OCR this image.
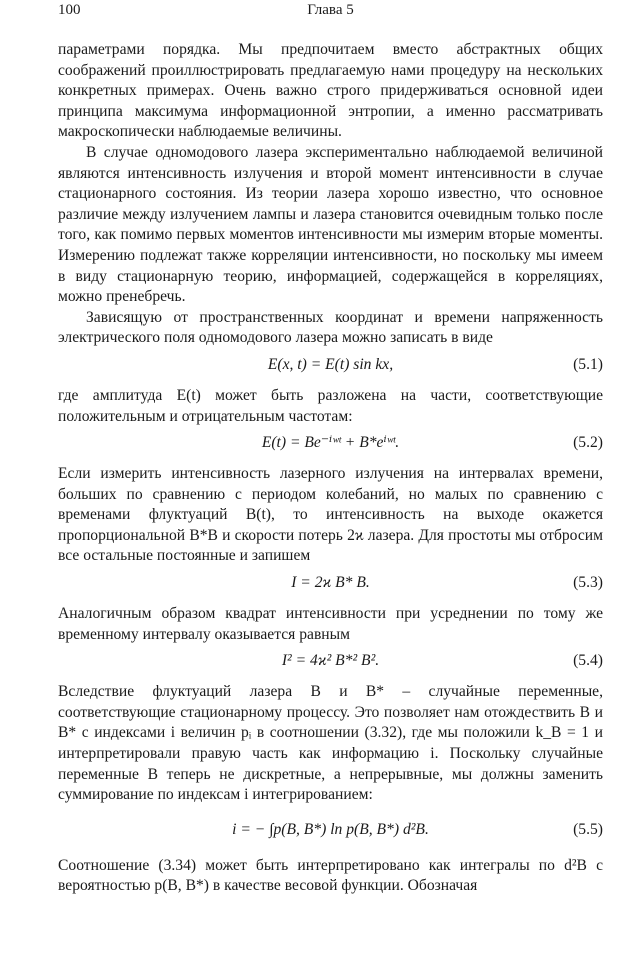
100	Глава 5

параметрами порядка. Мы предпочитаем вместо абстрактных общих соображений проиллюстрировать предлагаемую нами процедуру на нескольких конкретных примерах. Очень важно строго придерживаться основной идеи принципа максимума информационной энтропии, а именно рассматривать макроскопически наблюдаемые величины.

В случае одномодового лазера экспериментально наблюдаемой величиной являются интенсивность излучения и второй момент интенсивности в случае стационарного состояния. Из теории лазера хорошо известно, что основное различие между излучением лампы и лазера становится очевидным только после того, как помимо первых моментов интенсивности мы измерим вторые моменты. Измерению подлежат также корреляции интенсивности, но поскольку мы имеем в виду стационарную теорию, информацией, содержащейся в корреляциях, можно пренебречь.

Зависящую от пространственных координат и времени напряженность электрического поля одномодового лазера можно записать в виде

E(x, t) = E(t) sin kx,	(5.1)

где амплитуда E(t) может быть разложена на части, соответствующие положительным и отрицательным частотам:

E(t) = Be⁻ⁱʷᵗ + B*eⁱʷᵗ.	(5.2)

Если измерить интенсивность лазерного излучения на интервалах времени, больших по сравнению с периодом колебаний, но малых по сравнению с временами флуктуаций B(t), то интенсивность на выходе окажется пропорциональной B*B и скорости потерь 2ϰ лазера. Для простоты мы отбросим все остальные постоянные и запишем

I = 2ϰ B* B.	(5.3)

Аналогичным образом квадрат интенсивности при усреднении по тому же временному интервалу оказывается равным

I² = 4ϰ² B*² B².	(5.4)

Вследствие флуктуаций лазера B и B* – случайные переменные, соответствующие стационарному процессу. Это позволяет нам отождествить B и B* с индексами i величин pᵢ в соотношении (3.32), где мы положили k_B = 1 и интерпретировали правую часть как информацию i. Поскольку случайные переменные B теперь не дискретные, а непрерывные, мы должны заменить суммирование по индексам i интегрированием:

i = − ∫p(B, B*) ln p(B, B*) d²B.	(5.5)

Соотношение (3.34) может быть интерпретировано как интегралы по d²B с вероятностью p(B, B*) в качестве весовой функции. Обозначая
